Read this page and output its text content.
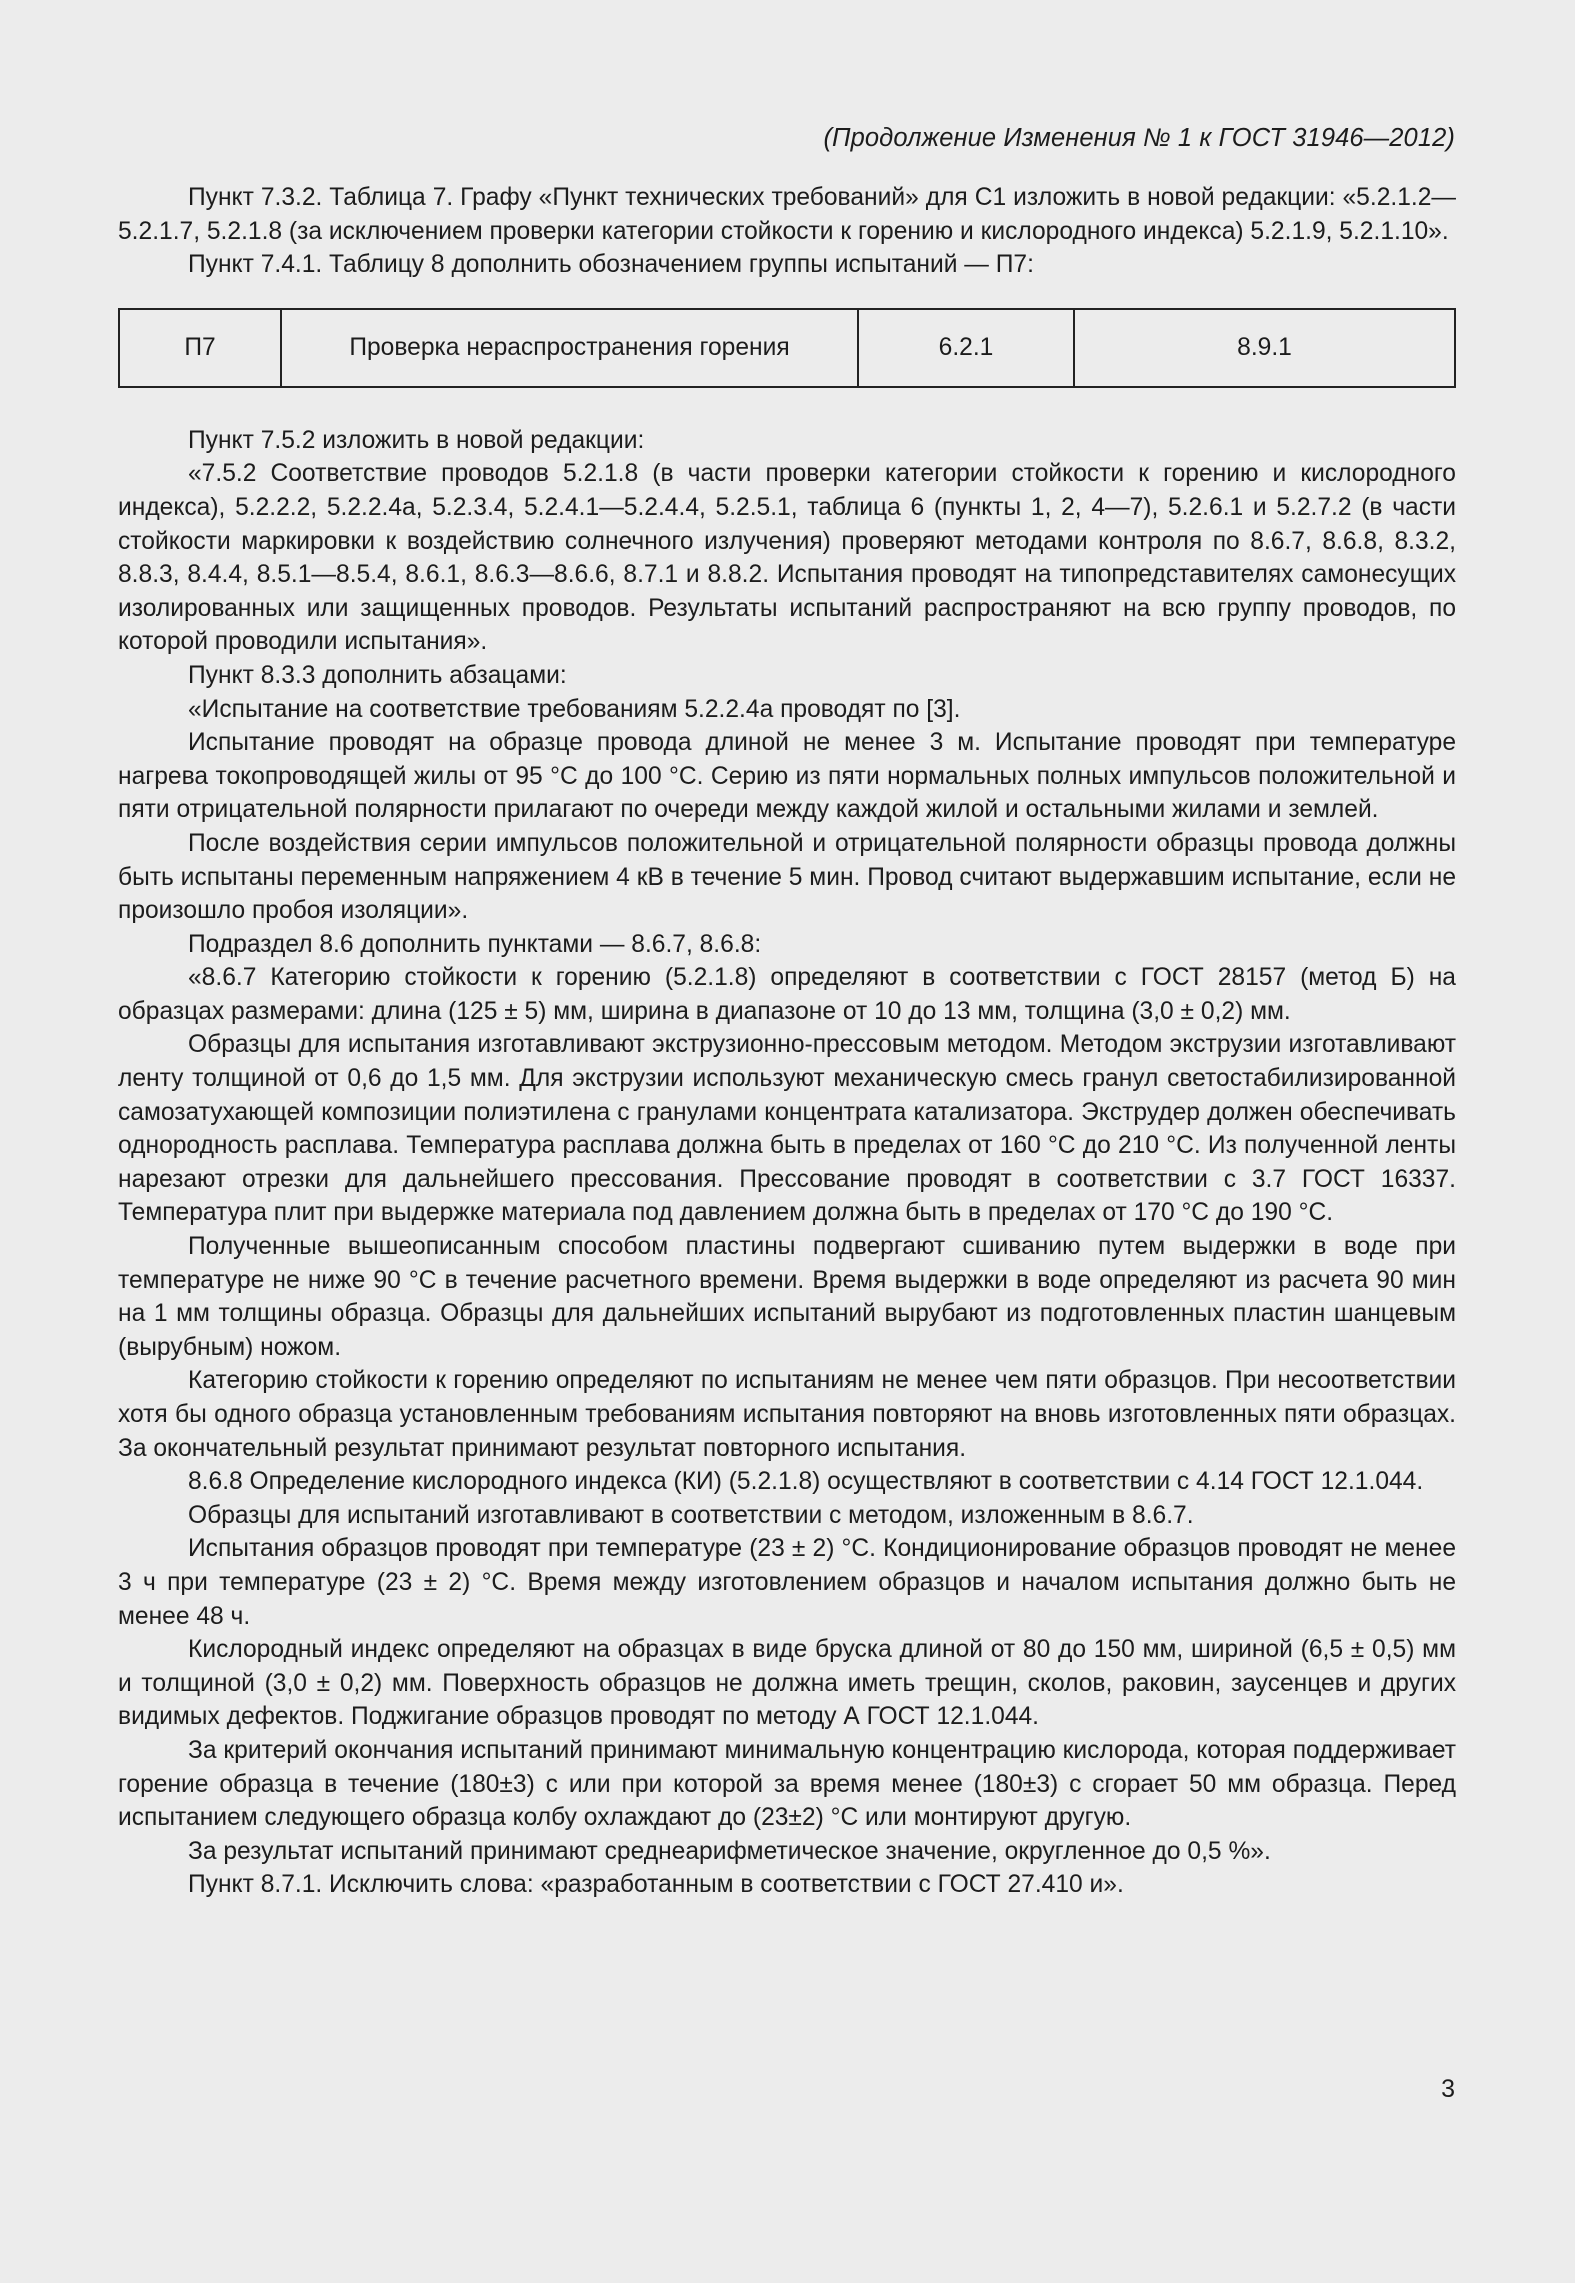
(Продолжение Изменения № 1 к ГОСТ 31946—2012)

Пункт 7.3.2. Таблица 7. Графу «Пункт технических требований» для С1 изложить в новой редакции: «5.2.1.2—5.2.1.7, 5.2.1.8 (за исключением проверки категории стойкости к горению и кислородного индекса) 5.2.1.9, 5.2.1.10».

Пункт 7.4.1. Таблицу 8 дополнить обозначением группы испытаний — П7:

П7	Проверка нераспространения горения	6.2.1	8.9.1

Пункт 7.5.2 изложить в новой редакции:

«7.5.2 Соответствие проводов 5.2.1.8 (в части проверки категории стойкости к горению и кислородного индекса), 5.2.2.2, 5.2.2.4а, 5.2.3.4, 5.2.4.1—5.2.4.4, 5.2.5.1, таблица 6 (пункты 1, 2, 4—7), 5.2.6.1 и 5.2.7.2 (в части стойкости маркировки к воздействию солнечного излучения) проверяют методами контроля по 8.6.7, 8.6.8, 8.3.2, 8.8.3, 8.4.4, 8.5.1—8.5.4, 8.6.1, 8.6.3—8.6.6, 8.7.1 и 8.8.2. Испытания проводят на типопредставителях самонесущих изолированных или защищенных проводов. Результаты испытаний распространяют на всю группу проводов, по которой проводили испытания».

Пункт 8.3.3 дополнить абзацами:

«Испытание на соответствие требованиям 5.2.2.4а проводят по [3].

Испытание проводят на образце провода длиной не менее 3 м. Испытание проводят при температуре нагрева токопроводящей жилы от 95 °С до 100 °С. Серию из пяти нормальных полных импульсов положительной и пяти отрицательной полярности прилагают по очереди между каждой жилой и остальными жилами и землей.

После воздействия серии импульсов положительной и отрицательной полярности образцы провода должны быть испытаны переменным напряжением 4 кВ в течение 5 мин. Провод считают выдержавшим испытание, если не произошло пробоя изоляции».

Подраздел 8.6 дополнить пунктами — 8.6.7, 8.6.8:

«8.6.7 Категорию стойкости к горению (5.2.1.8) определяют в соответствии с ГОСТ 28157 (метод Б) на образцах размерами: длина (125 ± 5) мм, ширина в диапазоне от 10 до 13 мм, толщина (3,0 ± 0,2) мм.

Образцы для испытания изготавливают экструзионно-прессовым методом. Методом экструзии изготавливают ленту толщиной от 0,6 до 1,5 мм. Для экструзии используют механическую смесь гранул светостабилизированной самозатухающей композиции полиэтилена с гранулами концентрата катализатора. Экструдер должен обеспечивать однородность расплава. Температура расплава должна быть в пределах от 160 °С до 210 °С. Из полученной ленты нарезают отрезки для дальнейшего прессования. Прессование проводят в соответствии с 3.7 ГОСТ 16337. Температура плит при выдержке материала под давлением должна быть в пределах от 170 °С до 190 °С.

Полученные вышеописанным способом пластины подвергают сшиванию путем выдержки в воде при температуре не ниже 90 °С в течение расчетного времени. Время выдержки в воде определяют из расчета 90 мин на 1 мм толщины образца. Образцы для дальнейших испытаний вырубают из подготовленных пластин шанцевым (вырубным) ножом.

Категорию стойкости к горению определяют по испытаниям не менее чем пяти образцов. При несоответствии хотя бы одного образца установленным требованиям испытания повторяют на вновь изготовленных пяти образцах. За окончательный результат принимают результат повторного испытания.

8.6.8 Определение кислородного индекса (КИ) (5.2.1.8) осуществляют в соответствии с 4.14 ГОСТ 12.1.044.

Образцы для испытаний изготавливают в соответствии с методом, изложенным в 8.6.7.

Испытания образцов проводят при температуре (23 ± 2) °С. Кондиционирование образцов проводят не менее 3 ч при температуре (23 ± 2) °С. Время между изготовлением образцов и началом испытания должно быть не менее 48 ч.

Кислородный индекс определяют на образцах в виде бруска длиной от 80 до 150 мм, шириной (6,5 ± 0,5) мм и толщиной (3,0 ± 0,2) мм. Поверхность образцов не должна иметь трещин, сколов, раковин, заусенцев и других видимых дефектов. Поджигание образцов проводят по методу А ГОСТ 12.1.044.

За критерий окончания испытаний принимают минимальную концентрацию кислорода, которая поддерживает горение образца в течение (180±3) с или при которой за время менее (180±3) с сгорает 50 мм образца. Перед испытанием следующего образца колбу охлаждают до (23±2) °С или монтируют другую.

За результат испытаний принимают среднеарифметическое значение, округленное до 0,5 %».

Пункт 8.7.1. Исключить слова: «разработанным в соответствии с ГОСТ 27.410 и».

3
